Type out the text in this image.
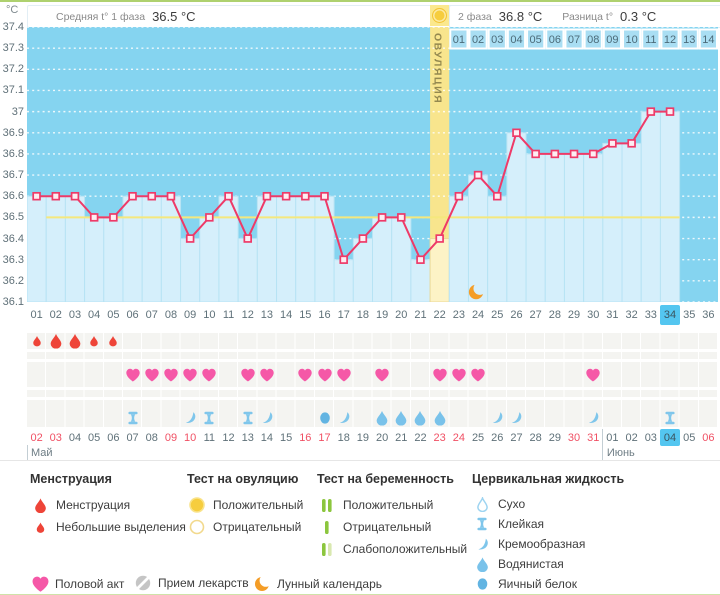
°C
Средняя t° 1 фаза 36.5 °C	2 фаза 36.8 °C Разница t° 0.3 °C
37.4
37.3
37.2
37.1
37
36.9
36.8
36.7
36.6
36.5
36.4
36.3
36.2
36.1
01 02 03 04 05 06 07 08 09 10 11 12 13 14
ОВУЛЯЦИЯ
01 02 03 04 05 06 07 08 09 10 11 12 13 14 15 16 17 18 19 20 21 22 23 24 25 26 27 28 29 30 31 32 33 34 35 36
02 03 04 05 06 07 08 09 10 11 12 13 14 15 16 17 18 19 20 21 22 23 24 25 26 27 28 29 30 31 01 02 03 04 05 06
Май	Июнь
Менструация
Менструация
Небольшие выделения
Тест на овуляцию
Положительный
Отрицательный
Тест на беременность
Положительный
Отрицательный
Слабоположительный
Цервикальная жидкость
Сухо
Клейкая
Кремообразная
Водянистая
Яичный белок
Половой акт	Прием лекарств Лунный календарь
